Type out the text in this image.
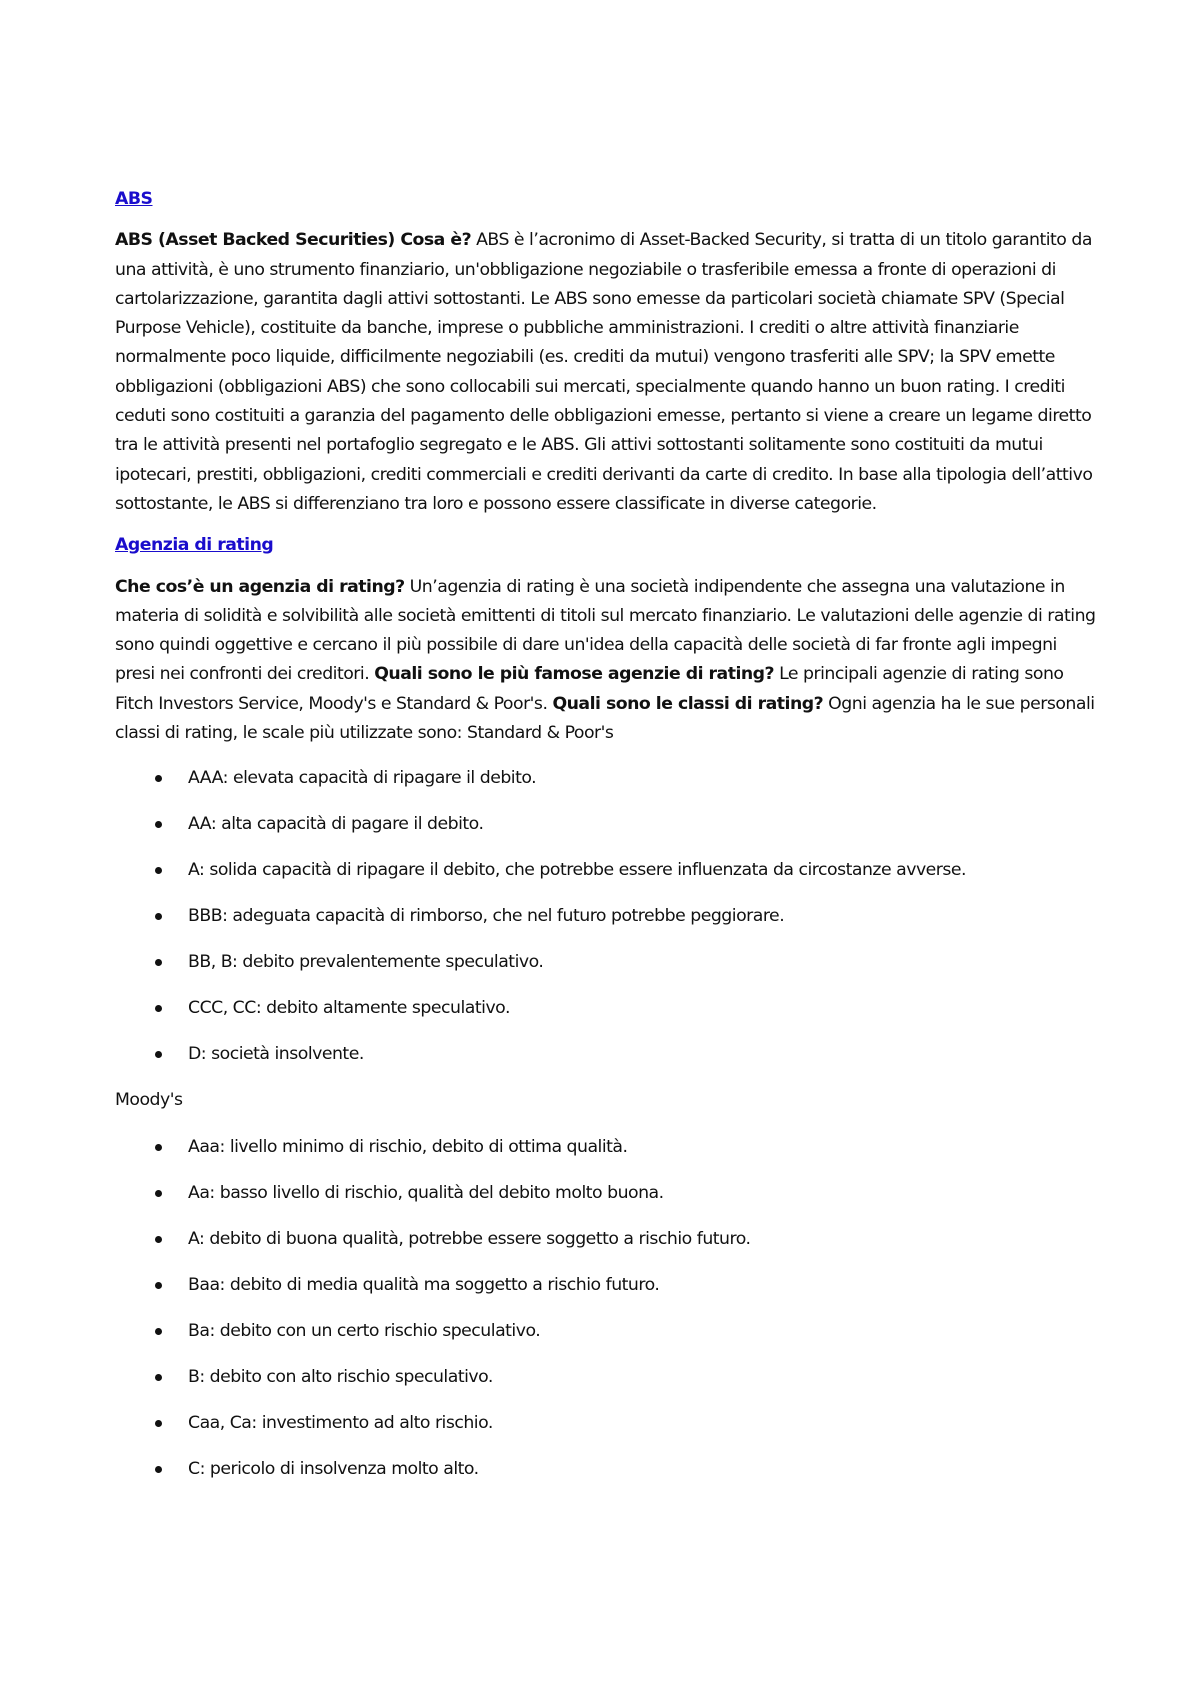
ABS

ABS (Asset Backed Securities) Cosa è? ABS è l’acronimo di Asset-Backed Security, si tratta di un titolo garantito da una attività, è uno strumento finanziario, un'obbligazione negoziabile o trasferibile emessa a fronte di operazioni di cartolarizzazione, garantita dagli attivi sottostanti. Le ABS sono emesse da particolari società chiamate SPV (Special Purpose Vehicle), costituite da banche, imprese o pubbliche amministrazioni. I crediti o altre attività finanziarie normalmente poco liquide, difficilmente negoziabili (es. crediti da mutui) vengono trasferiti alle SPV; la SPV emette obbligazioni (obbligazioni ABS) che sono collocabili sui mercati, specialmente quando hanno un buon rating. I crediti ceduti sono costituiti a garanzia del pagamento delle obbligazioni emesse, pertanto si viene a creare un legame diretto tra le attività presenti nel portafoglio segregato e le ABS. Gli attivi sottostanti solitamente sono costituiti da mutui ipotecari, prestiti, obbligazioni, crediti commerciali e crediti derivanti da carte di credito. In base alla tipologia dell’attivo sottostante, le ABS si differenziano tra loro e possono essere classificate in diverse categorie.

Agenzia di rating

Che cos’è un agenzia di rating? Un’agenzia di rating è una società indipendente che assegna una valutazione in materia di solidità e solvibilità alle società emittenti di titoli sul mercato finanziario. Le valutazioni delle agenzie di rating sono quindi oggettive e cercano il più possibile di dare un'idea della capacità delle società di far fronte agli impegni presi nei confronti dei creditori. Quali sono le più famose agenzie di rating? Le principali agenzie di rating sono Fitch Investors Service, Moody's e Standard & Poor's. Quali sono le classi di rating? Ogni agenzia ha le sue personali classi di rating, le scale più utilizzate sono: Standard & Poor's

AAA: elevata capacità di ripagare il debito.
AA: alta capacità di pagare il debito.
A: solida capacità di ripagare il debito, che potrebbe essere influenzata da circostanze avverse.
BBB: adeguata capacità di rimborso, che nel futuro potrebbe peggiorare.
BB, B: debito prevalentemente speculativo.
CCC, CC: debito altamente speculativo.
D: società insolvente.

Moody's

Aaa: livello minimo di rischio, debito di ottima qualità.
Aa: basso livello di rischio, qualità del debito molto buona.
A: debito di buona qualità, potrebbe essere soggetto a rischio futuro.
Baa: debito di media qualità ma soggetto a rischio futuro.
Ba: debito con un certo rischio speculativo.
B: debito con alto rischio speculativo.
Caa, Ca: investimento ad alto rischio.
C: pericolo di insolvenza molto alto.
